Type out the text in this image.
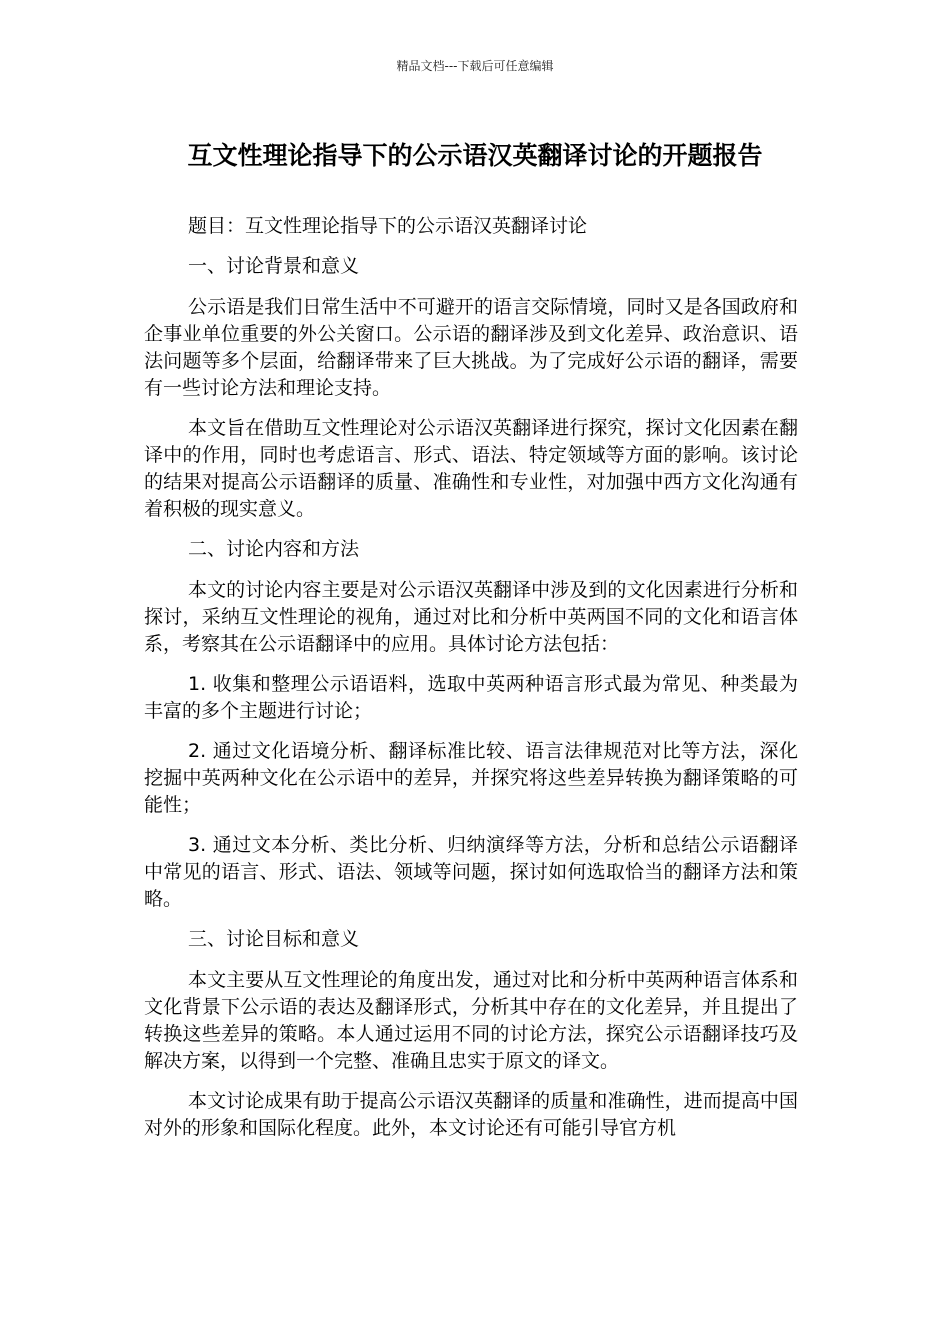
精品文档---下载后可任意编辑
互文性理论指导下的公示语汉英翻译讨论的开题报告

题目：互文性理论指导下的公示语汉英翻译讨论

一、讨论背景和意义

公示语是我们日常生活中不可避开的语言交际情境，同时又是各国政府和企事业单位重要的外公关窗口。公示语的翻译涉及到文化差异、政治意识、语法问题等多个层面，给翻译带来了巨大挑战。为了完成好公示语的翻译，需要有一些讨论方法和理论支持。

本文旨在借助互文性理论对公示语汉英翻译进行探究，探讨文化因素在翻译中的作用，同时也考虑语言、形式、语法、特定领域等方面的影响。该讨论的结果对提高公示语翻译的质量、准确性和专业性，对加强中西方文化沟通有着积极的现实意义。

二、讨论内容和方法

本文的讨论内容主要是对公示语汉英翻译中涉及到的文化因素进行分析和探讨，采纳互文性理论的视角，通过对比和分析中英两国不同的文化和语言体系，考察其在公示语翻译中的应用。具体讨论方法包括：

1. 收集和整理公示语语料，选取中英两种语言形式最为常见、种类最为丰富的多个主题进行讨论；

2. 通过文化语境分析、翻译标准比较、语言法律规范对比等方法，深化挖掘中英两种文化在公示语中的差异，并探究将这些差异转换为翻译策略的可能性；

3. 通过文本分析、类比分析、归纳演绎等方法，分析和总结公示语翻译中常见的语言、形式、语法、领域等问题，探讨如何选取恰当的翻译方法和策略。

三、讨论目标和意义

本文主要从互文性理论的角度出发，通过对比和分析中英两种语言体系和文化背景下公示语的表达及翻译形式，分析其中存在的文化差异，并且提出了转换这些差异的策略。本人通过运用不同的讨论方法，探究公示语翻译技巧及解决方案，以得到一个完整、准确且忠实于原文的译文。

本文讨论成果有助于提高公示语汉英翻译的质量和准确性，进而提高中国对外的形象和国际化程度。此外，本文讨论还有可能引导官方机
